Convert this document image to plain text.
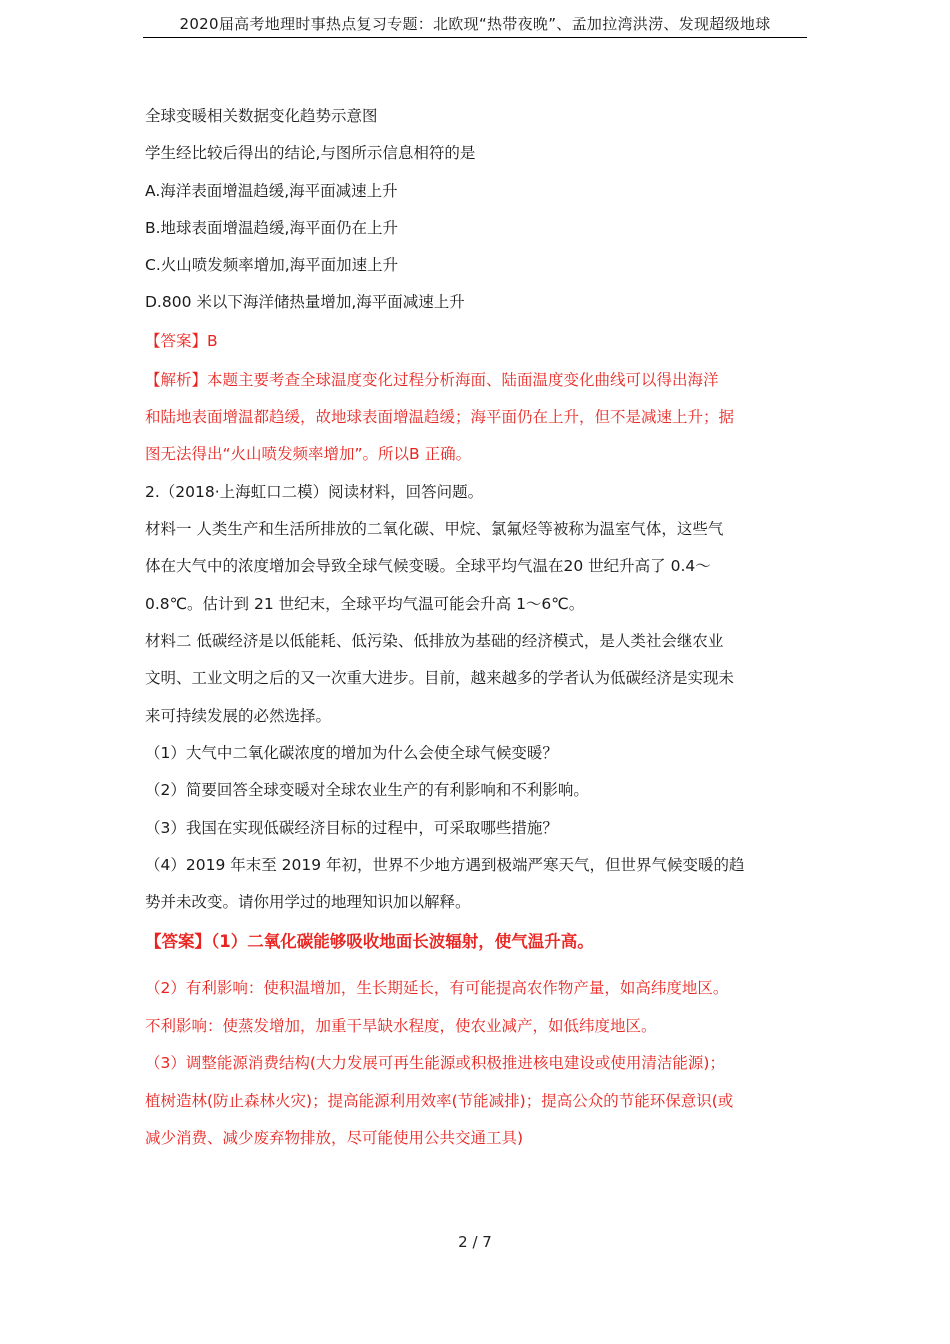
2020届高考地理时事热点复习专题：北欧现“热带夜晚”、孟加拉湾洪涝、发现超级地球
全球变暖相关数据变化趋势示意图
学生经比较后得出的结论,与图所示信息相符的是
A.海洋表面增温趋缓,海平面减速上升
B.地球表面增温趋缓,海平面仍在上升
C.火山喷发频率增加,海平面加速上升
D.800 米以下海洋储热量增加,海平面减速上升
【答案】B
【解析】本题主要考查全球温度变化过程分析海面、陆面温度变化曲线可以得出海洋
和陆地表面增温都趋缓，故地球表面增温趋缓；海平面仍在上升，但不是减速上升；据
图无法得出“火山喷发频率增加”。所以B 正确。
2.（2018·上海虹口二模）阅读材料，回答问题。
材料一 人类生产和生活所排放的二氧化碳、甲烷、氯氟烃等被称为温室气体，这些气
体在大气中的浓度增加会导致全球气候变暖。全球平均气温在20 世纪升高了 0.4～
0.8℃。估计到 21 世纪末，全球平均气温可能会升高 1～6℃。
材料二 低碳经济是以低能耗、低污染、低排放为基础的经济模式，是人类社会继农业
文明、工业文明之后的又一次重大进步。目前，越来越多的学者认为低碳经济是实现未
来可持续发展的必然选择。
（1）大气中二氧化碳浓度的增加为什么会使全球气候变暖？
（2）简要回答全球变暖对全球农业生产的有利影响和不利影响。
（3）我国在实现低碳经济目标的过程中，可采取哪些措施？
（4）2019 年末至 2019 年初，世界不少地方遇到极端严寒天气，但世界气候变暖的趋
势并未改变。请你用学过的地理知识加以解释。
【答案】（1）二氧化碳能够吸收地面长波辐射，使气温升高。
（2）有利影响：使积温增加，生长期延长，有可能提高农作物产量，如高纬度地区。
不利影响：使蒸发增加，加重干旱缺水程度，使农业减产，如低纬度地区。
（3）调整能源消费结构(大力发展可再生能源或积极推进核电建设或使用清洁能源)；
植树造林(防止森林火灾)；提高能源利用效率(节能减排)；提高公众的节能环保意识(或
减少消费、减少废弃物排放，尽可能使用公共交通工具)
2 / 7
